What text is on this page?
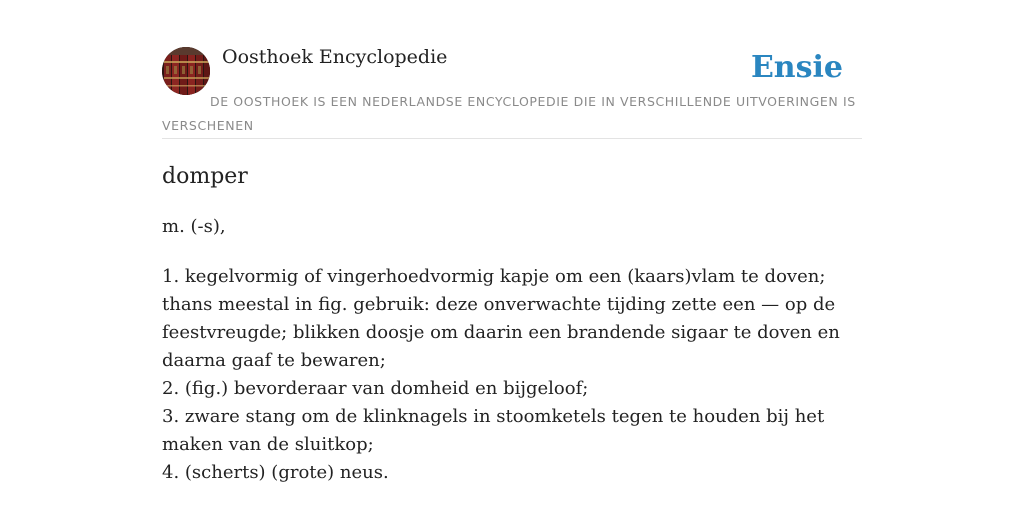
Oosthoek Encyclopedie	Ensie
DE OOSTHOEK IS EEN NEDERLANDSE ENCYCLOPEDIE DIE IN VERSCHILLENDE UITVOERINGEN IS VERSCHENEN
domper
m. (-s),
1. kegelvormig of vingerhoedvormig kapje om een (kaars)vlam te doven; thans meestal in fig. gebruik: deze onverwachte tijding zette een — op de feestvreugde; blikken doosje om daarin een brandende sigaar te doven en daarna gaaf te bewaren;
2. (fig.) bevorderaar van domheid en bijgeloof;
3. zware stang om de klinknagels in stoomketels tegen te houden bij het maken van de sluitkop;
4. (scherts) (grote) neus.
